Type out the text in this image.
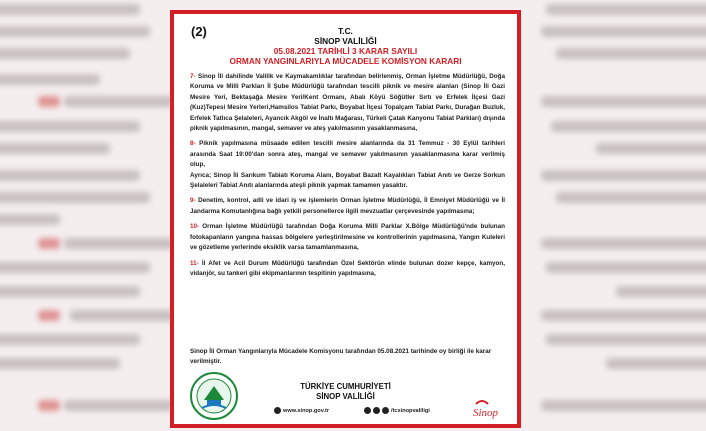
(2)	T.C.
SİNOP VALİLİĞİ
05.08.2021 TARİHLİ 3 KARAR SAYILI
ORMAN YANGINLARIYLA MÜCADELE KOMİSYON KARARI

7- Sinop İli dahilinde Valilik ve Kaymakamlıklar tarafından belirlenmiş, Orman İşletme Müdürlüğü, Doğa Koruma ve Milli Parkları İl Şube Müdürlüğü tarafından tescilli piknik ve mesire alanları (Sinop İli Gazi Mesire Yeri, Bektaşağa Mesire Yeri/Kent Ormanı, Abalı Köyü Söğütler Sırtı ve Erfelek İlçesi Gazi (Kuz)Tepesi Mesire Yerleri,Hamsilos Tabiat Parkı, Boyabat İlçesi Topalçam Tabiat Parkı, Durağan Buzluk, Erfelek Tatlıca Şelaleleri, Ayancık Akgöl ve İnaltı Mağarası, Türkeli Çatak Kanyonu Tabiat Parkları) dışında piknik yapılmasının, mangal, semaver ve ateş yakılmasının yasaklanmasına,

8- Piknik yapılmasına müsaade edilen tescilli mesire alanlarında da 31 Temmuz - 30 Eylül tarihleri arasında Saat 19:00'dan sonra ateş, mangal ve semaver yakılmasının yasaklanmasına karar verilmiş olup,

Ayrıca; Sinop İli Sarıkum Tabiatı Koruma Alanı, Boyabat Bazalt Kayalıkları Tabiat Anıtı ve Gerze Sorkun Şelaleleri Tabiat Anıtı alanlarında ateşli piknik yapmak tamamen yasaktır.

9- Denetim, kontrol, adli ve idari iş ve işlemlerin Orman İşletme Müdürlüğü, İl Emniyet Müdürlüğü ve İl Jandarma Komutanlığına bağlı yetkili personellerce ilgili mevzuatlar çerçevesinde yapılmasına;

10- Orman İşletme Müdürlüğü tarafından Doğa Koruma Milli Parklar X.Bölge Müdürlüğü'nde bulunan fotokapanların yangına hassas bölgelere yerleştirilmesine ve kontrollerinin yapılmasına, Yangın Kuleleri ve gözetleme yerlerinde eksiklik varsa tamamlanmasına,

11- İl Afet ve Acil Durum Müdürlüğü tarafından Özel Sektörün elinde bulunan dozer kepçe, kamyon, vidanjör, su tankeri gibi ekipmanlarının tespitinin yapılmasına,

Sinop İli Orman Yangınlarıyla Mücadele Komisyonu tarafından 05.08.2021 tarihinde oy birliği ile karar verilmiştir.
TÜRKİYE CUMHURİYETİ
SİNOP VALİLİĞİ
www.sinop.gov.tr	/tcsinopvaliligi	Sinop
